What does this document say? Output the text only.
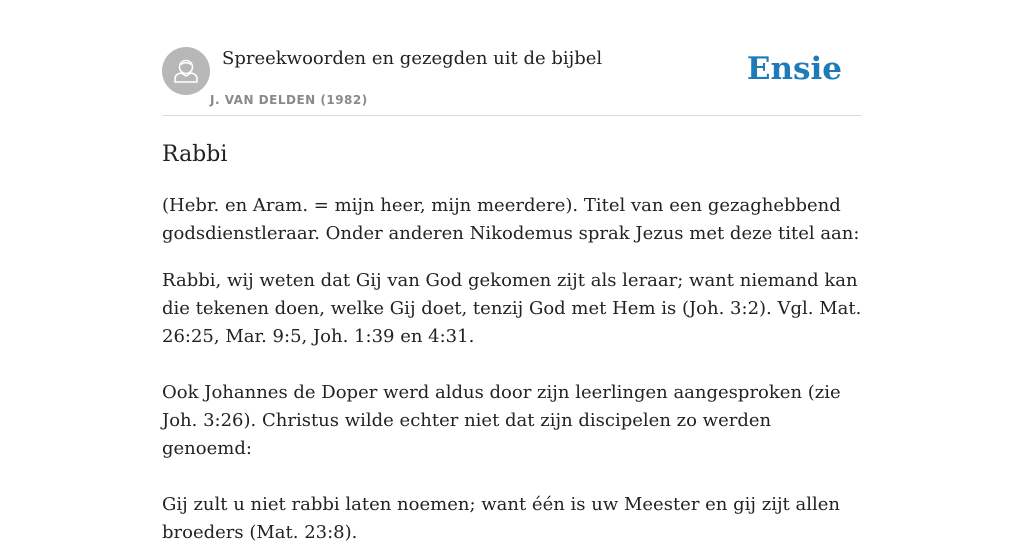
Spreekwoorden en gezegden uit de bijbel
J. VAN DELDEN (1982)
Ensie
Rabbi

(Hebr. en Aram. = mijn heer, mijn meerdere). Titel van een gezaghebbend godsdienstleraar. Onder anderen Nikodemus sprak Jezus met deze titel aan:

Rabbi, wij weten dat Gij van God gekomen zijt als leraar; want niemand kan die tekenen doen, welke Gij doet, tenzij God met Hem is (Joh. 3:2). Vgl. Mat. 26:25, Mar. 9:5, Joh. 1:39 en 4:31.

Ook Johannes de Doper werd aldus door zijn leerlingen aangesproken (zie Joh. 3:26). Christus wilde echter niet dat zijn discipelen zo werden genoemd:

Gij zult u niet rabbi laten noemen; want één is uw Meester en gij zijt allen broeders (Mat. 23:8).
